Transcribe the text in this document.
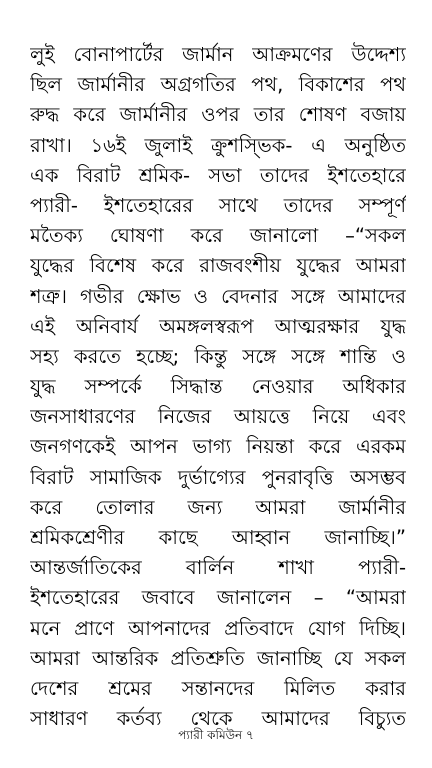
লুই বোনাপার্টের জার্মান আক্রমণের উদ্দেশ্য
ছিল জার্মানীর অগ্রগতির পথ, বিকাশের পথ
রুদ্ধ করে জার্মানীর ওপর তার শোষণ বজায়
রাখা। ১৬ই জুলাই ক্রুশস্ভিক- এ অনুষ্ঠিত
এক বিরাট শ্রমিক- সভা তাদের ইশতেহারে
প্যারী- ইশতেহারের সাথে তাদের সম্পূর্ণ
মতৈক্য ঘোষণা করে জানালো –“সকল
যুদ্ধের বিশেষ করে রাজবংশীয় যুদ্ধের আমরা
শত্রু। গভীর ক্ষোভ ও বেদনার সঙ্গে আমাদের
এই অনিবার্য অমঙ্গলস্বরূপ আত্মরক্ষার যুদ্ধ
সহ্য করতে হচ্ছে; কিন্তু সঙ্গে সঙ্গে শান্তি ও
যুদ্ধ সম্পর্কে সিদ্ধান্ত নেওয়ার অধিকার
জনসাধারণের নিজের আয়ত্তে নিয়ে এবং
জনগণকেই আপন ভাগ্য নিয়ন্তা করে এরকম
বিরাট সামাজিক দুর্ভাগ্যের পুনরাবৃত্তি অসম্ভব
করে তোলার জন্য আমরা জার্মানীর
শ্রমিকশ্রেণীর কাছে আহ্বান জানাচ্ছি।”
আন্তর্জাতিকের বার্লিন শাখা প্যারী-
ইশতেহারের জবাবে জানালেন – “আমরা
মনে প্রাণে আপনাদের প্রতিবাদে যোগ দিচ্ছি।
আমরা আন্তরিক প্রতিশ্রুতি জানাচ্ছি যে সকল
দেশের শ্রমের সন্তানদের মিলিত করার
সাধারণ কর্তব্য থেকে আমাদের বিচ্যুত
প্যারী কমিউন ৭
